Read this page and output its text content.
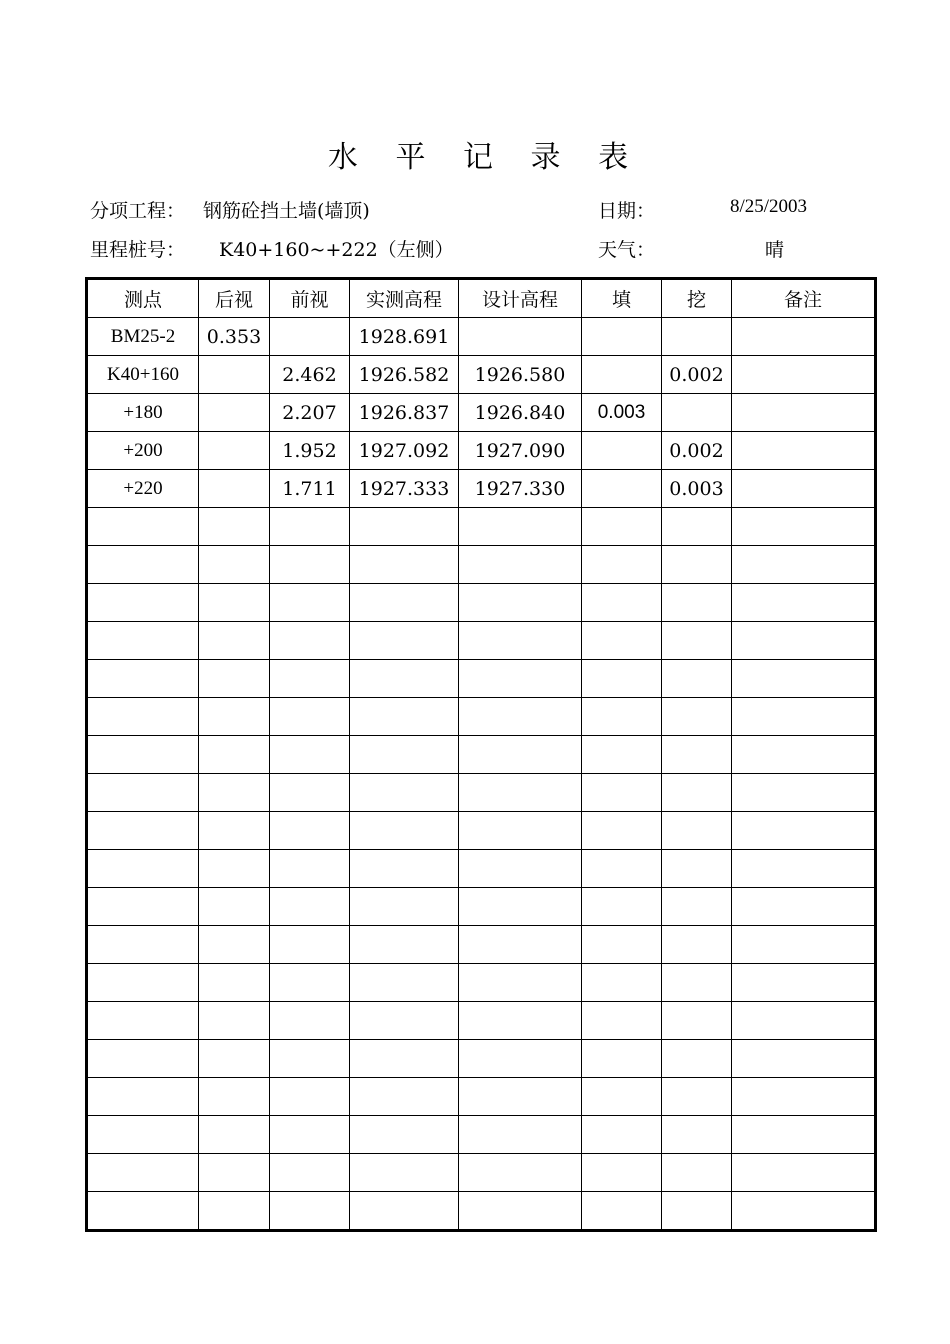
水 平 记 录 表
分项工程： 钢筋砼挡土墙(墙顶)	日期：	8/25/2003
里程桩号： K40+160~+222（左侧）	天气：	晴
测点	后视	前视	实测高程	设计高程	填	挖	备注
BM25-2	0.353		1928.691				
K40+160		2.462	1926.582	1926.580		0.002	
+180		2.207	1926.837	1926.840	0.003		
+200		1.952	1927.092	1927.090		0.002	
+220		1.711	1927.333	1927.330		0.003	
